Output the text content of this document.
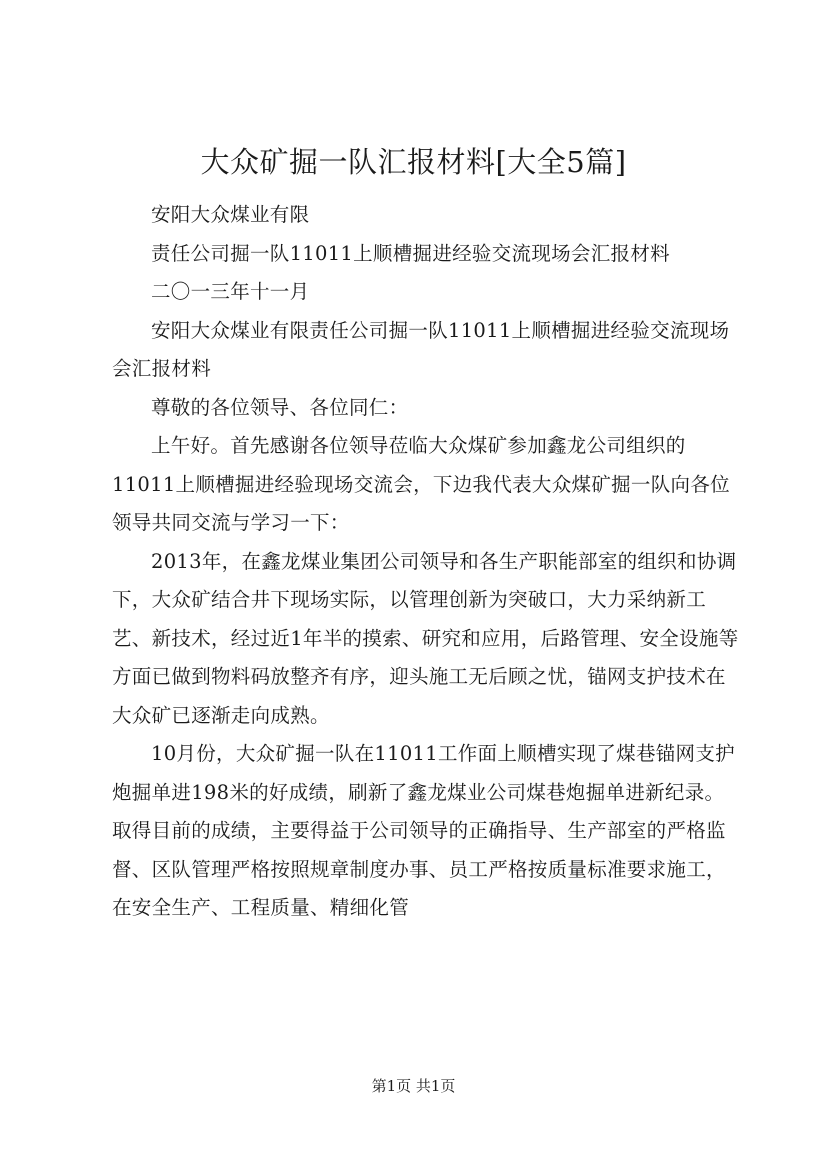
大众矿掘一队汇报材料[大全5篇]

安阳大众煤业有限

责任公司掘一队11011上顺槽掘进经验交流现场会汇报材料

二〇一三年十一月

安阳大众煤业有限责任公司掘一队11011上顺槽掘进经验交流现场会汇报材料

尊敬的各位领导、各位同仁：

上午好。首先感谢各位领导莅临大众煤矿参加鑫龙公司组织的11011上顺槽掘进经验现场交流会，下边我代表大众煤矿掘一队向各位领导共同交流与学习一下：

2013年，在鑫龙煤业集团公司领导和各生产职能部室的组织和协调下，大众矿结合井下现场实际，以管理创新为突破口，大力采纳新工艺、新技术，经过近1年半的摸索、研究和应用，后路管理、安全设施等方面已做到物料码放整齐有序，迎头施工无后顾之忧，锚网支护技术在大众矿已逐渐走向成熟。

10月份，大众矿掘一队在11011工作面上顺槽实现了煤巷锚网支护炮掘单进198米的好成绩，刷新了鑫龙煤业公司煤巷炮掘单进新纪录。取得目前的成绩，主要得益于公司领导的正确指导、生产部室的严格监督、区队管理严格按照规章制度办事、员工严格按质量标准要求施工，在安全生产、工程质量、精细化管

第1页 共1页
